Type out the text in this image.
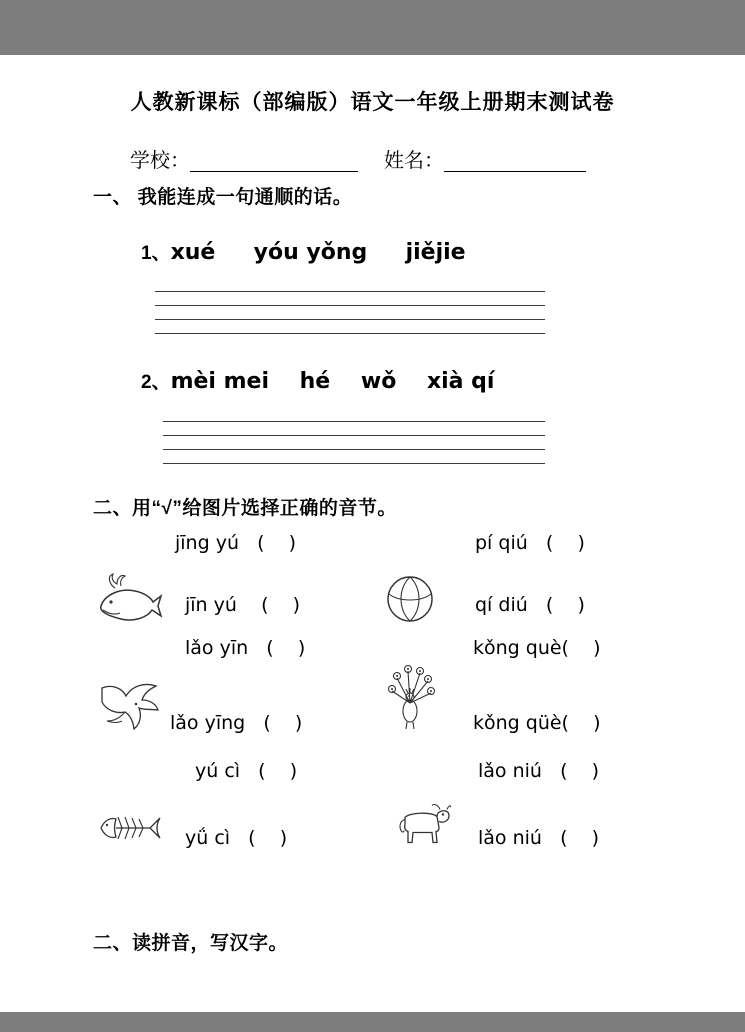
人教新课标（部编版）语文一年级上册期末测试卷
学校：	姓名：
一、 我能连成一句通顺的话。
1、xué     yóu yǒng     jiějie
2、mèi mei    hé    wǒ    xià qí
二、用“√”给图片选择正确的音节。
jīng yú   (    )
jīn yú    (    )
lǎo yīn   (    )
lǎo yīng   (    )
yú cì   (    )
yǘ cì   (    )
pí qiú   (    )
qí diú   (    )
kǒng què(    )
kǒng qüè(    )
lǎo niú   (    )
lǎo niú   (    )
二、读拼音，写汉字。
